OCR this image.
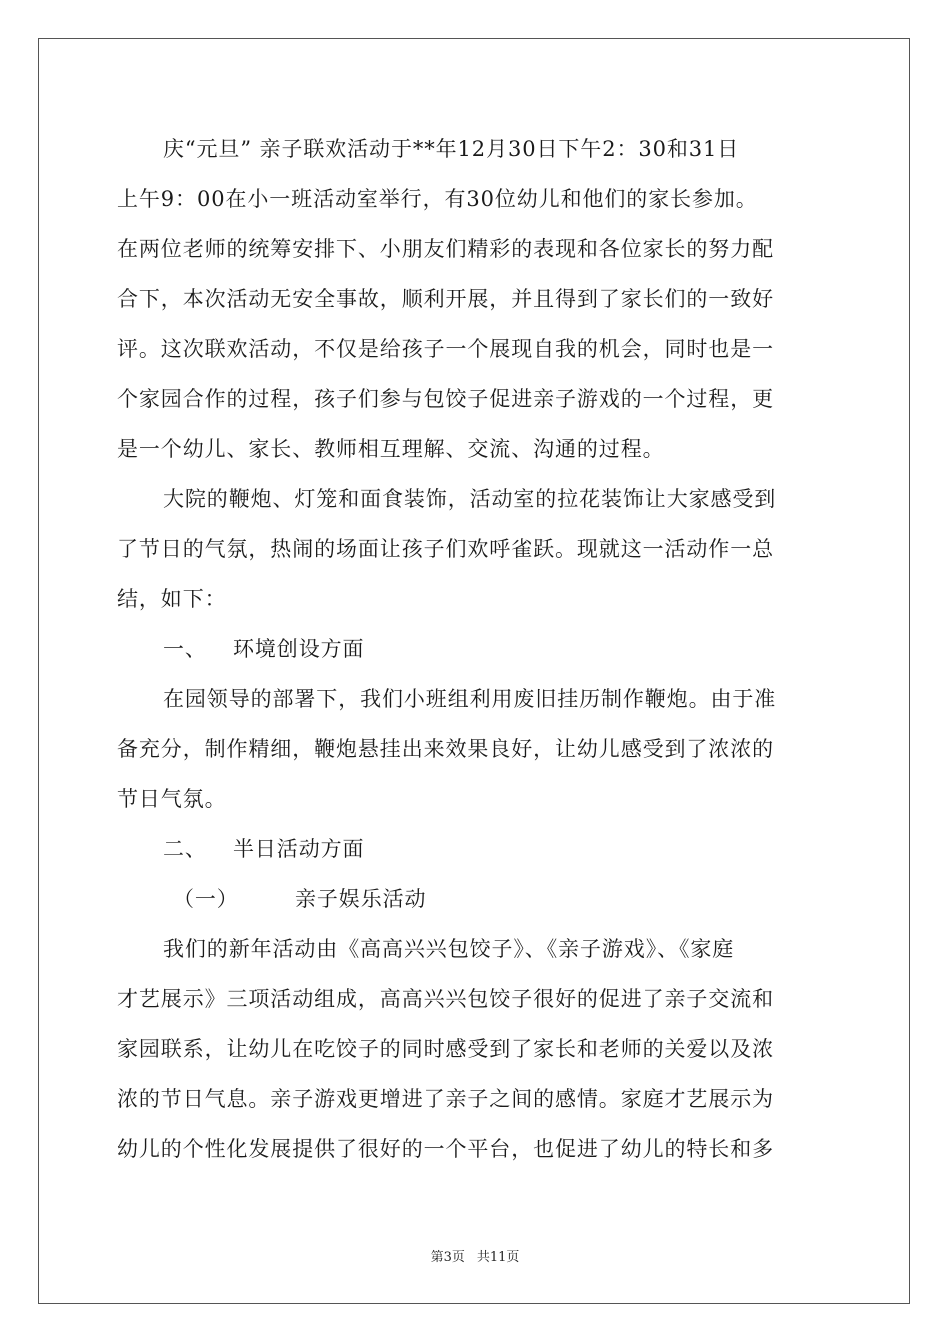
庆“元旦” 亲子联欢活动于**年12月30日下午2：30和31日
上午9：00在小一班活动室举行，有30位幼儿和他们的家长参加。
在两位老师的统筹安排下、小朋友们精彩的表现和各位家长的努力配
合下，本次活动无安全事故，顺利开展，并且得到了家长们的一致好
评。这次联欢活动，不仅是给孩子一个展现自我的机会，同时也是一
个家园合作的过程，孩子们参与包饺子促进亲子游戏的一个过程，更
是一个幼儿、家长、教师相互理解、交流、沟通的过程。
大院的鞭炮、灯笼和面食装饰，活动室的拉花装饰让大家感受到
了节日的气氛，热闹的场面让孩子们欢呼雀跃。现就这一活动作一总
结，如下：
一、 环境创设方面
在园领导的部署下，我们小班组利用废旧挂历制作鞭炮。由于准
备充分，制作精细，鞭炮悬挂出来效果良好，让幼儿感受到了浓浓的
节日气氛。
二、 半日活动方面
（一）	亲子娱乐活动
我们的新年活动由《高高兴兴包饺子》、《亲子游戏》、《家庭
才艺展示》三项活动组成，高高兴兴包饺子很好的促进了亲子交流和
家园联系，让幼儿在吃饺子的同时感受到了家长和老师的关爱以及浓
浓的节日气息。亲子游戏更增进了亲子之间的感情。家庭才艺展示为
幼儿的个性化发展提供了很好的一个平台，也促进了幼儿的特长和多
第3页 共11页
